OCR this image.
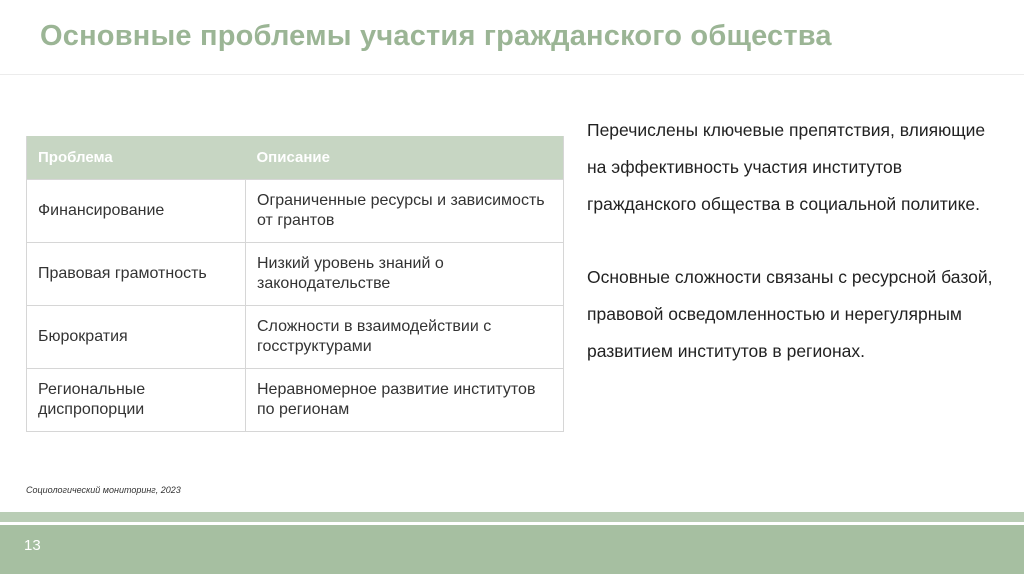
Основные проблемы участия гражданского общества
Проблема	Описание
Финансирование	Ограниченные ресурсы и зависимость от грантов
Правовая грамотность	Низкий уровень знаний о законодательстве
Бюрократия	Сложности в взаимодействии с госструктурами
Региональные диспропорции	Неравномерное развитие институтов по регионам

Перечислены ключевые препятствия, влияющие на эффективность участия институтов гражданского общества в социальной политике.

Основные сложности связаны с ресурсной базой, правовой осведомленностью и нерегулярным развитием институтов в регионах.

Социологический мониторинг, 2023
13
